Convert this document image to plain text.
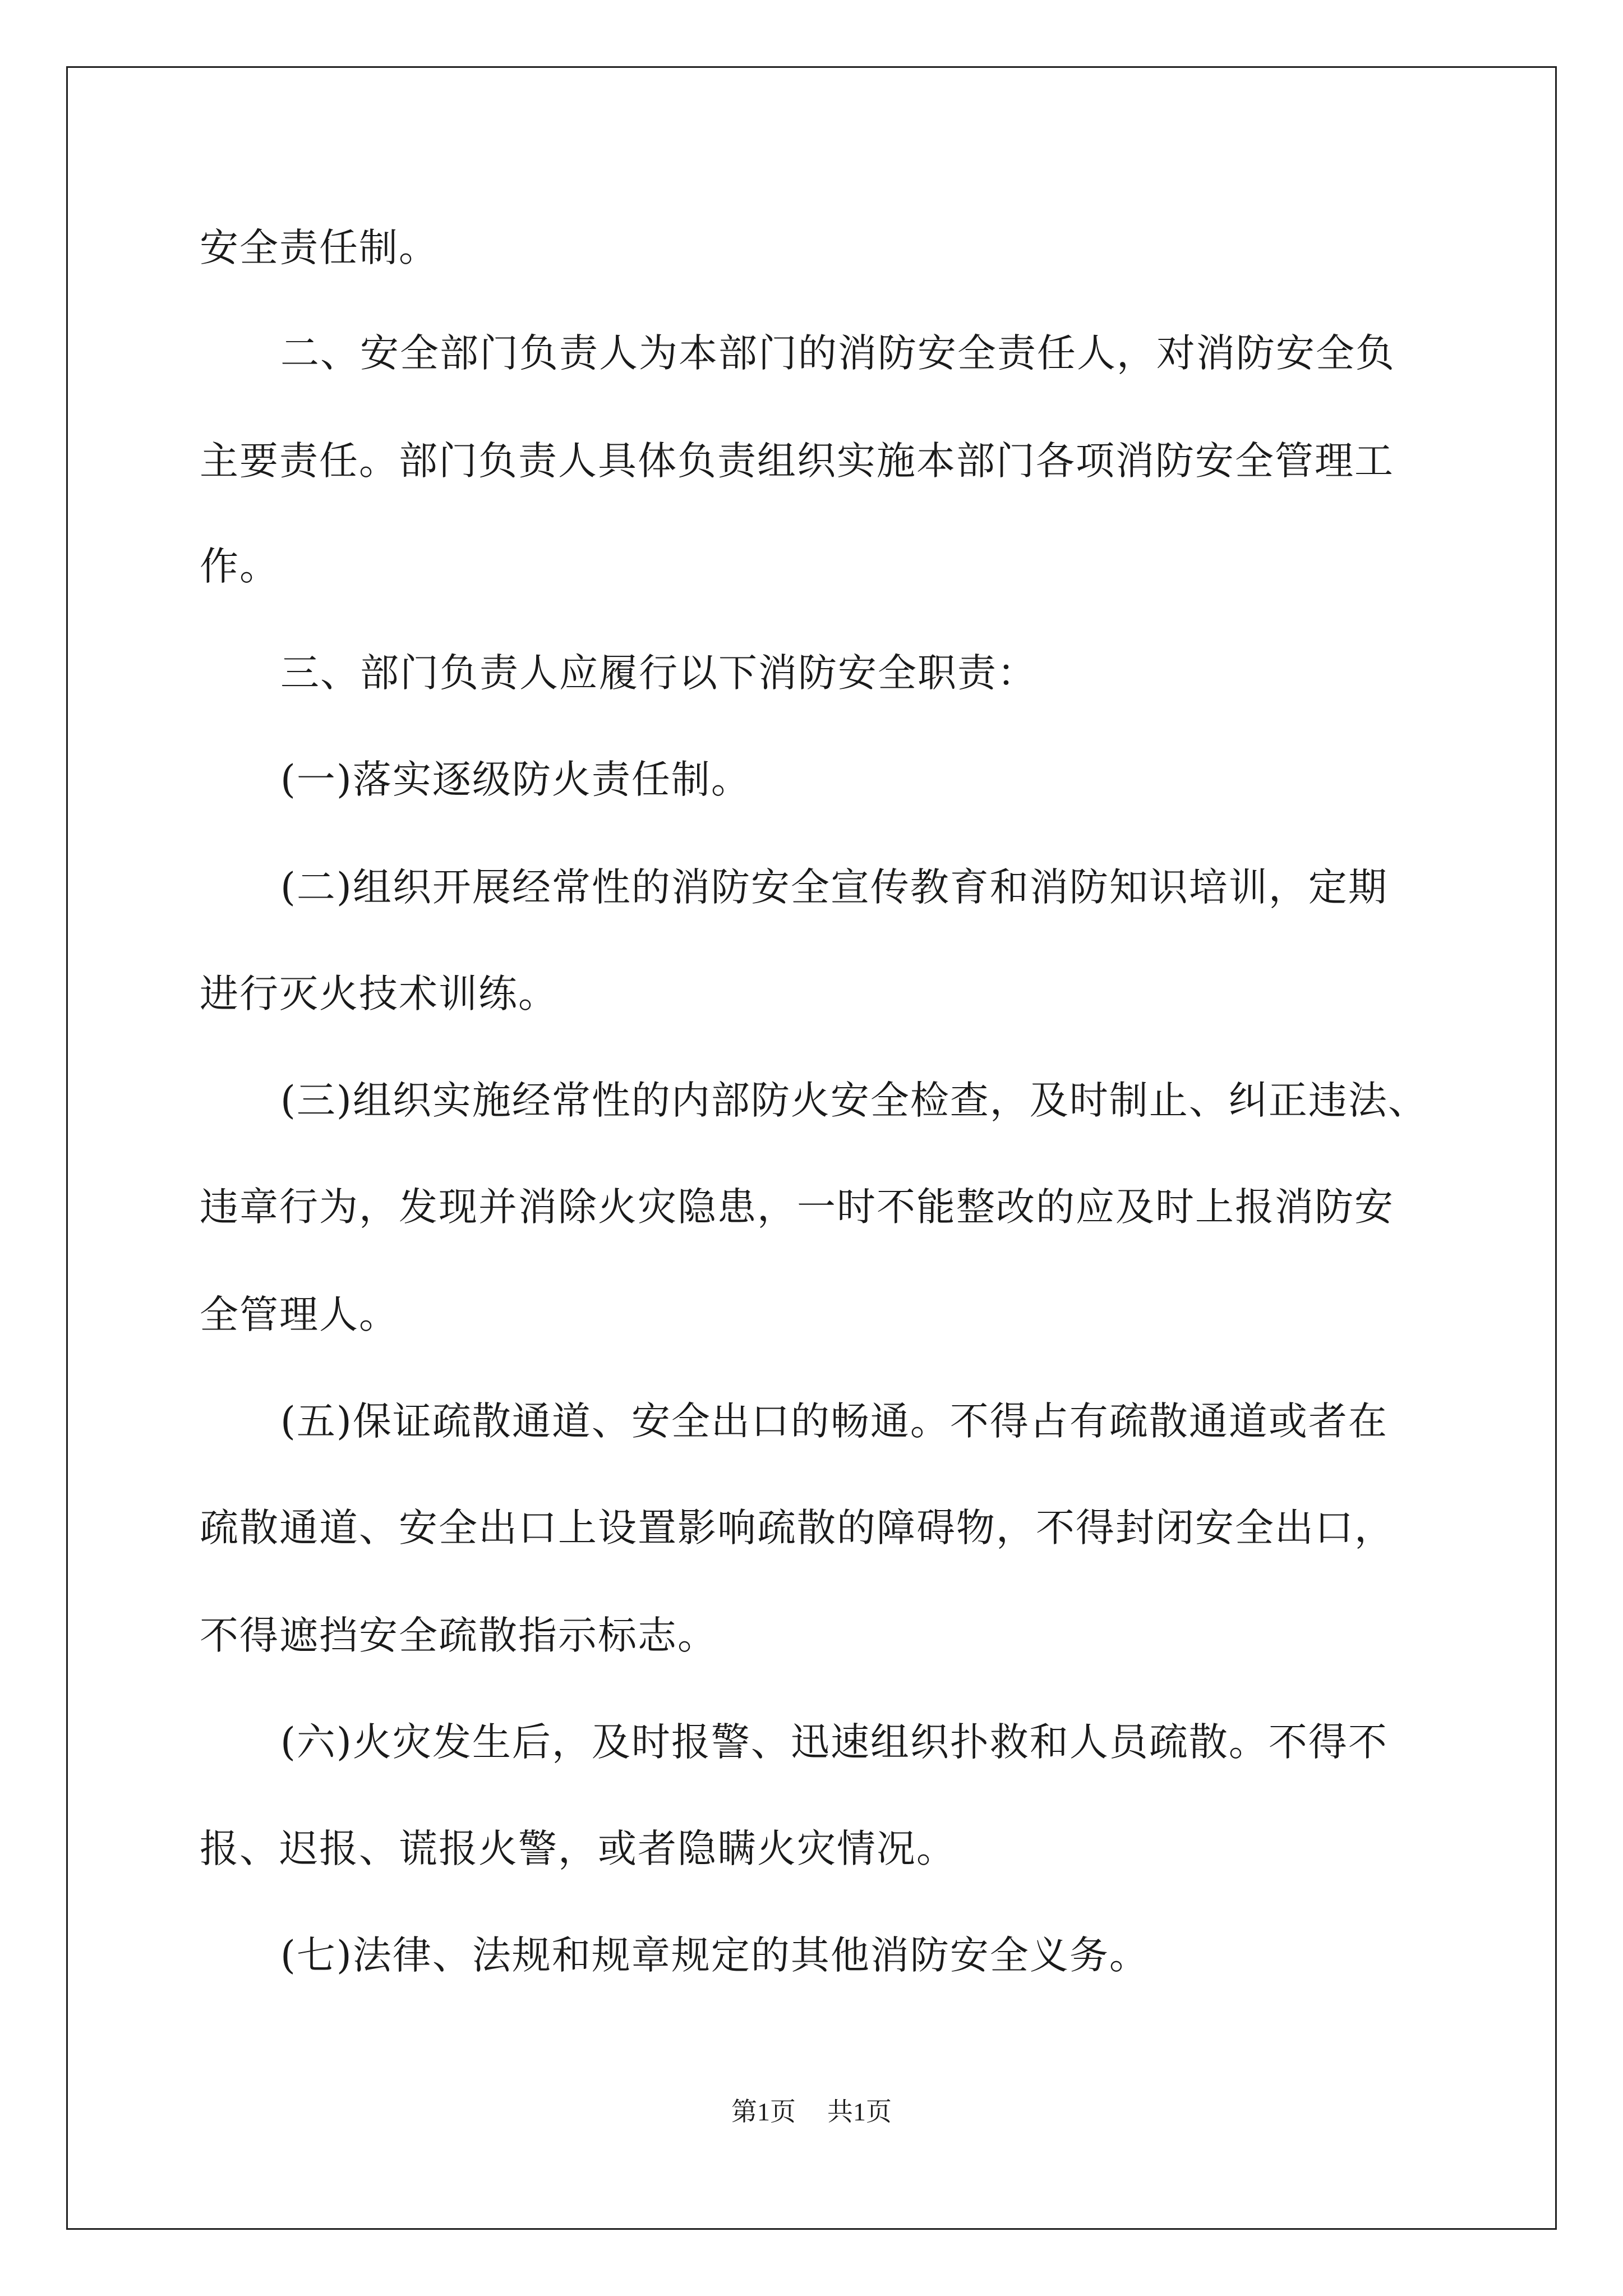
安全责任制。
二、安全部门负责人为本部门的消防安全责任人，对消防安全负
主要责任。部门负责人具体负责组织实施本部门各项消防安全管理工
作。
三、部门负责人应履行以下消防安全职责：
(一)落实逐级防火责任制。
(二)组织开展经常性的消防安全宣传教育和消防知识培训，定期
进行灭火技术训练。
(三)组织实施经常性的内部防火安全检查，及时制止、纠正违法、
违章行为，发现并消除火灾隐患，一时不能整改的应及时上报消防安
全管理人。
(五)保证疏散通道、安全出口的畅通。不得占有疏散通道或者在
疏散通道、安全出口上设置影响疏散的障碍物，不得封闭安全出口，
不得遮挡安全疏散指示标志。
(六)火灾发生后，及时报警、迅速组织扑救和人员疏散。不得不
报、迟报、谎报火警，或者隐瞒火灾情况。
(七)法律、法规和规章规定的其他消防安全义务。
第1页 共1页
